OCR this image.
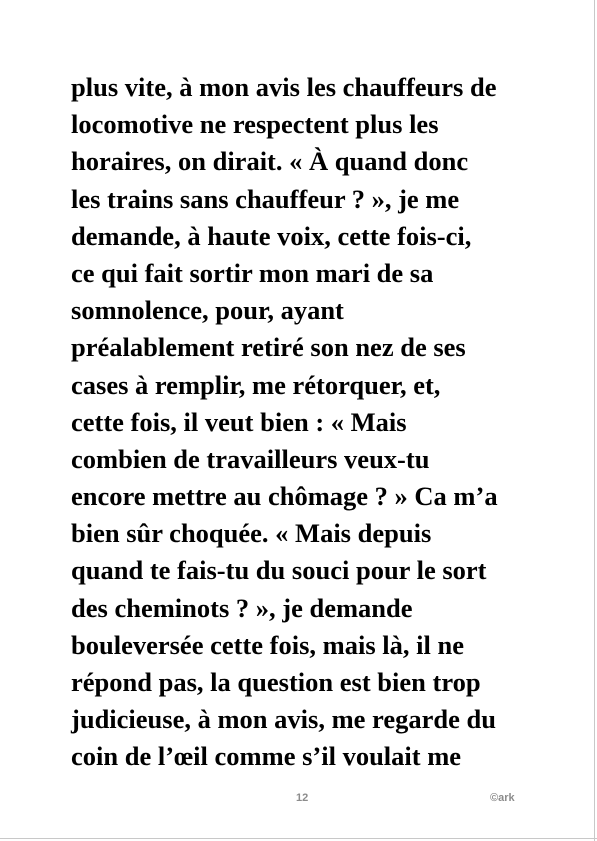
plus vite, à mon avis les chauffeurs de
locomotive ne respectent plus les
horaires, on dirait. « À quand donc
les trains sans chauffeur ? », je me
demande, à haute voix, cette fois-ci,
ce qui fait sortir mon mari de sa
somnolence, pour, ayant
préalablement retiré son nez de ses
cases à remplir, me rétorquer, et,
cette fois, il veut bien : « Mais
combien de travailleurs veux-tu
encore mettre au chômage ? » Ca m’a
bien sûr choquée. « Mais depuis
quand te fais-tu du souci pour le sort
des cheminots ? », je demande
bouleversée cette fois, mais là, il ne
répond pas, la question est bien trop
judicieuse, à mon avis, me regarde du
coin de l’œil comme s’il voulait me
12	©ark
